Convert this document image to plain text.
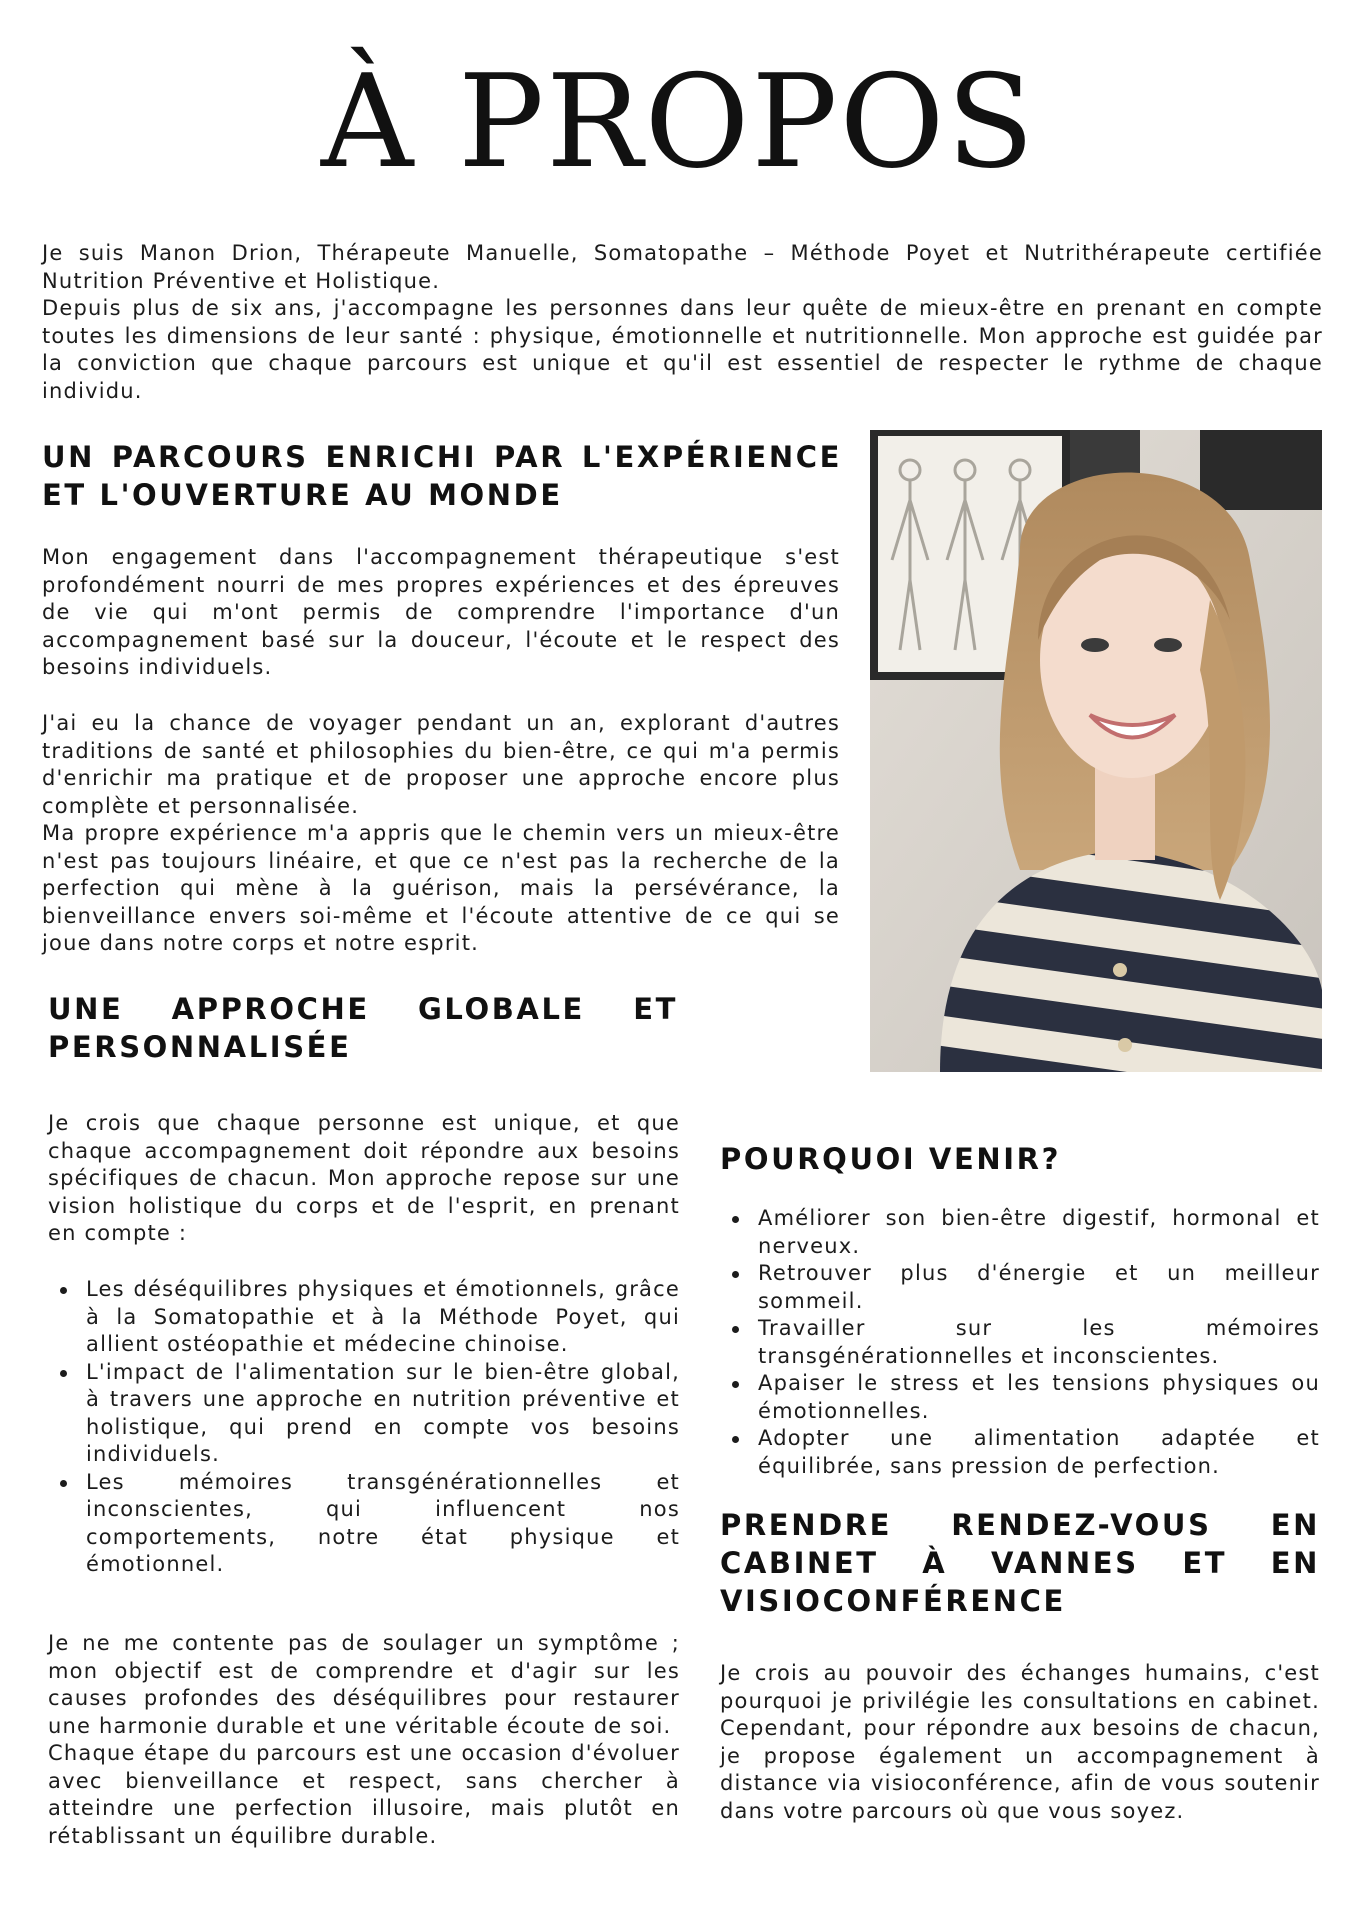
À PROPOS

Je suis Manon Drion, Thérapeute Manuelle, Somatopathe – Méthode Poyet et Nutrithérapeute certifiée Nutrition Préventive et Holistique.

Depuis plus de six ans, j'accompagne les personnes dans leur quête de mieux-être en prenant en compte toutes les dimensions de leur santé : physique, émotionnelle et nutritionnelle. Mon approche est guidée par la conviction que chaque parcours est unique et qu'il est essentiel de respecter le rythme de chaque individu.

UN PARCOURS ENRICHI PAR L'EXPÉRIENCE ET L'OUVERTURE AU MONDE

Mon engagement dans l'accompagnement thérapeutique s'est profondément nourri de mes propres expériences et des épreuves de vie qui m'ont permis de comprendre l'importance d'un accompagnement basé sur la douceur, l'écoute et le respect des besoins individuels.

J'ai eu la chance de voyager pendant un an, explorant d'autres traditions de santé et philosophies du bien-être, ce qui m'a permis d'enrichir ma pratique et de proposer une approche encore plus complète et personnalisée.

Ma propre expérience m'a appris que le chemin vers un mieux-être n'est pas toujours linéaire, et que ce n'est pas la recherche de la perfection qui mène à la guérison, mais la persévérance, la bienveillance envers soi-même et l'écoute attentive de ce qui se joue dans notre corps et notre esprit.

UNE APPROCHE GLOBALE ET
PERSONNALISÉE

Je crois que chaque personne est unique, et que chaque accompagnement doit répondre aux besoins spécifiques de chacun. Mon approche repose sur une vision holistique du corps et de l'esprit, en prenant en compte :

Les déséquilibres physiques et émotionnels, grâce à la Somatopathie et à la Méthode Poyet, qui allient ostéopathie et médecine chinoise.
L'impact de l'alimentation sur le bien-être global, à travers une approche en nutrition préventive et holistique, qui prend en compte vos besoins individuels.
Les mémoires transgénérationnelles et inconscientes, qui influencent nos comportements, notre état physique et émotionnel.

Je ne me contente pas de soulager un symptôme ; mon objectif est de comprendre et d'agir sur les causes profondes des déséquilibres pour restaurer une harmonie durable et une véritable écoute de soi.

Chaque étape du parcours est une occasion d'évoluer avec bienveillance et respect, sans chercher à atteindre une perfection illusoire, mais plutôt en rétablissant un équilibre durable.

POURQUOI VENIR?
Améliorer son bien-être digestif, hormonal et nerveux.
Retrouver plus d'énergie et un meilleur sommeil.
Travailler sur les mémoires transgénérationnelles et inconscientes.
Apaiser le stress et les tensions physiques ou émotionnelles.
Adopter une alimentation adaptée et équilibrée, sans pression de perfection.
PRENDRE RENDEZ-VOUS EN
CABINET À VANNES ET EN
VISIOCONFÉRENCE

Je crois au pouvoir des échanges humains, c'est pourquoi je privilégie les consultations en cabinet. Cependant, pour répondre aux besoins de chacun, je propose également un accompagnement à distance via visioconférence, afin de vous soutenir dans votre parcours où que vous soyez.
